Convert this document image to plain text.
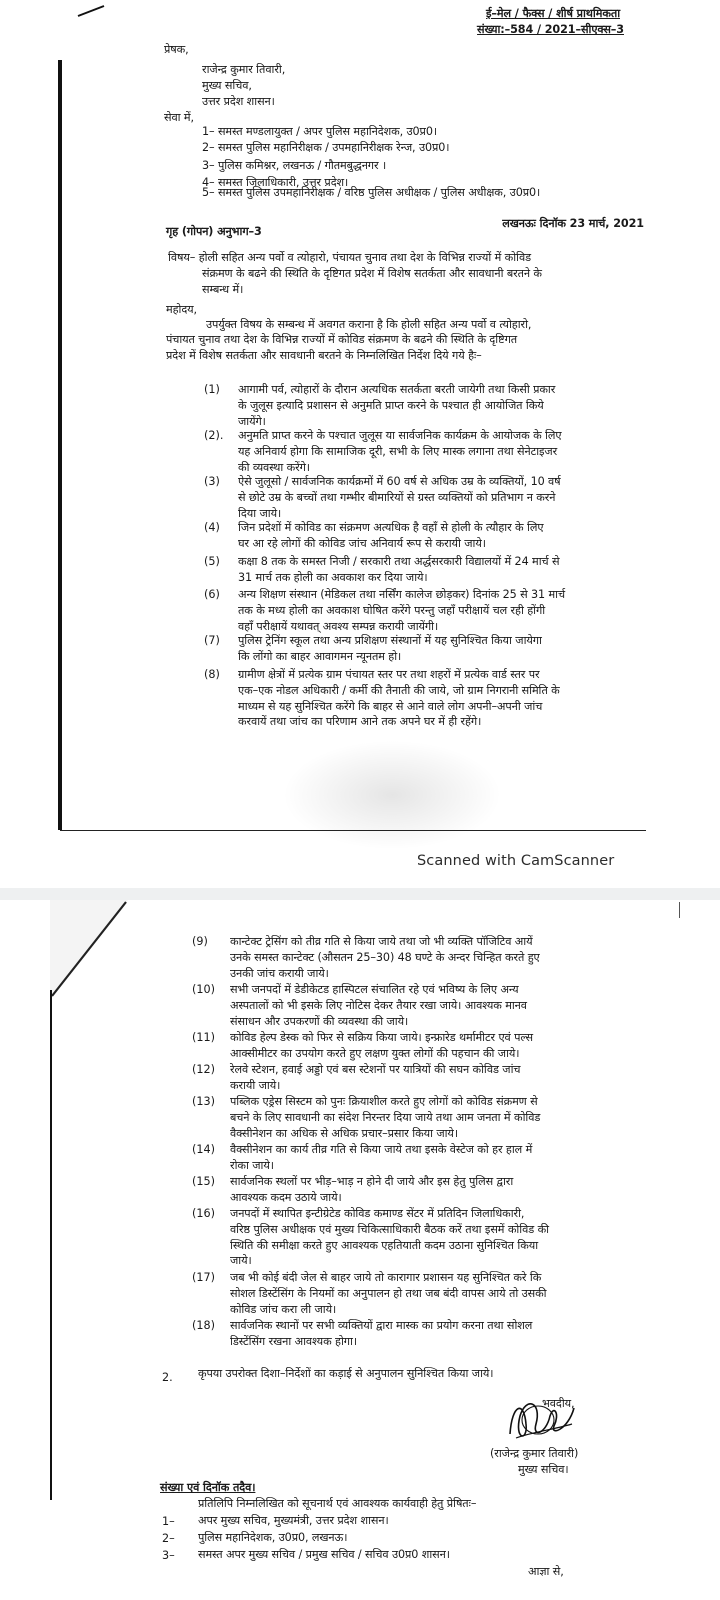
ई–मेल / फैक्स / शीर्ष प्राथमिकता
संख्या:–584 / 2021–सीएक्स–3
प्रेषक,
राजेन्द्र कुमार तिवारी,
मुख्य सचिव,
उत्तर प्रदेश शासन।
सेवा में,
1– समस्त मण्डलायुक्त / अपर पुलिस महानिदेशक, उ0प्र0।
2– समस्त पुलिस महानिरीक्षक / उपमहानिरीक्षक रेन्ज, उ0प्र0।
3– पुलिस कमिश्नर, लखनऊ / गौतमबुद्धनगर ।
4– समस्त जिलाधिकारी, उत्तर प्रदेश।
5– समस्त पुलिस उपमहानिरीक्षक / वरिष्ठ पुलिस अधीक्षक / पुलिस अधीक्षक, उ0प्र0।
गृह (गोपन) अनुभाग–3
लखनऊः दिनॉक 23 मार्च, 2021
विषय– होली सहित अन्य पर्वो व त्योहारो, पंचायत चुनाव तथा देश के विभिन्न राज्यों में कोविड
संक्रमण के बढने की स्थिति के दृष्टिगत प्रदेश में विशेष सतर्कता और सावधानी बरतने के
सम्बन्ध में।
महोदय,
उपर्युक्त विषय के सम्बन्ध में अवगत कराना है कि होली सहित अन्य पर्वो व त्योहारो,
पंचायत चुनाव तथा देश के विभिन्न राज्यों में कोविड संक्रमण के बढने की स्थिति के दृष्टिगत
प्रदेश में विशेष सतर्कता और सावधानी बरतने के निम्नलिखित निर्देश दिये गये हैः–
(1) आगामी पर्व, त्योहारों के दौरान अत्यधिक सतर्कता बरती जायेगी तथा किसी प्रकार
के जुलूस इत्यादि प्रशासन से अनुमति प्राप्त करने के पश्चात ही आयोजित किये
जायेंगे।
(2). अनुमति प्राप्त करने के पश्चात जुलूस या सार्वजनिक कार्यक्रम के आयोजक के लिए
यह अनिवार्य होगा कि सामाजिक दूरी, सभी के लिए मास्क लगाना तथा सेनेटाइजर
की व्यवस्था करेंगे।
(3) ऐसे जुलूसो / सार्वजनिक कार्यक्रमों में 60 वर्ष से अधिक उम्र के व्यक्तियों, 10 वर्ष
से छोटे उम्र के बच्चों तथा गम्भीर बीमारियों से ग्रस्त व्यक्तियों को प्रतिभाग न करने
दिया जाये।
(4) जिन प्रदेशों में कोविड का संक्रमण अत्यधिक है वहाँ से होली के त्यौहार के लिए
घर आ रहे लोगों की कोविड जांच अनिवार्य रूप से करायी जाये।
(5) कक्षा 8 तक के समस्त निजी / सरकारी तथा अर्द्धसरकारी विद्यालयों में 24 मार्च से
31 मार्च तक होली का अवकाश कर दिया जाये।
(6) अन्य शिक्षण संस्थान (मेडिकल तथा नर्सिंग कालेज छोड़कर) दिनांक 25 से 31 मार्च
तक के मध्य होली का अवकाश घोषित करेंगे परन्तु जहाँ परीक्षायें चल रही होंगी
वहाँ परीक्षायें यथावत् अवश्य सम्पन्न करायी जायेंगी।
(7) पुलिस ट्रेनिंग स्कूल तथा अन्य प्रशिक्षण संस्थानों में यह सुनिश्चित किया जायेगा
कि लोंगो का बाहर आवागमन न्यूनतम हो।
(8) ग्रामीण क्षेत्रों में प्रत्येक ग्राम पंचायत स्तर पर तथा शहरों में प्रत्येक वार्ड स्तर पर
एक–एक नोडल अधिकारी / कर्मी की तैनाती की जाये, जो ग्राम निगरानी समिति के
माध्यम से यह सुनिश्चित करेंगे कि बाहर से आने वाले लोग अपनी–अपनी जांच
करवायें तथा जांच का परिणाम आने तक अपने घर में ही रहेंगे।
Scanned with CamScanner
(9) कान्टेक्ट ट्रेसिंग को तीव्र गति से किया जाये तथा जो भी व्यक्ति पॉजिटिव आयें
उनके समस्त कान्टेक्ट (औसतन 25–30) 48 घण्टे के अन्दर चिन्हित करते हुए
उनकी जांच करायी जाये।
(10) सभी जनपदों में डेडीकेटड हास्पिटल संचालित रहे एवं भविष्य के लिए अन्य
अस्पतालों को भी इसके लिए नोटिस देकर तैयार रखा जाये। आवश्यक मानव
संसाधन और उपकरणों की व्यवस्था की जाये।
(11) कोविड हेल्प डेस्क को फिर से सक्रिय किया जाये। इन्फ्रारेड थर्मामीटर एवं पल्स
आक्सीमीटर का उपयोग करते हुए लक्षण युक्त लोगों की पहचान की जाये।
(12) रेलवे स्टेशन, हवाई अड्डो एवं बस स्टेशनों पर यात्रियों की सघन कोविड जांच
करायी जाये।
(13) पब्लिक एड्रेस सिस्टम को पुनः क्रियाशील करते हुए लोगों को कोविड संक्रमण से
बचने के लिए सावधानी का संदेश निरन्तर दिया जाये तथा आम जनता में कोविड
वैक्सीनेशन का अधिक से अधिक प्रचार–प्रसार किया जाये।
(14) वैक्सीनेशन का कार्य तीव्र गति से किया जाये तथा इसके वेस्टेज को हर हाल में
रोका जाये।
(15) सार्वजनिक स्थलों पर भीड़–भाड़ न होने दी जाये और इस हेतु पुलिस द्वारा
आवश्यक कदम उठाये जाये।
(16) जनपदों में स्थापित इन्टीग्रेटेड कोविड कमाण्ड सेंटर में प्रतिदिन जिलाधिकारी,
वरिष्ठ पुलिस अधीक्षक एवं मुख्य चिकित्साधिकारी बैठक करें तथा इसमें कोविड की
स्थिति की समीक्षा करते हुए आवश्यक एहतियाती कदम उठाना सुनिश्चित किया
जाये।
(17) जब भी कोई बंदी जेल से बाहर जाये तो कारागार प्रशासन यह सुनिश्चित करे कि
सोशल डिस्टेंसिंग के नियमों का अनुपालन हो तथा जब बंदी वापस आये तो उसकी
कोविड जांच करा ली जाये।
(18) सार्वजनिक स्थानों पर सभी व्यक्तियों द्वारा मास्क का प्रयोग करना तथा सोशल
डिस्टेंसिंग रखना आवश्यक होगा।
2. कृपया उपरोक्त दिशा–निर्देशों का कड़ाई से अनुपालन सुनिश्चित किया जाये।
भवदीय,
(राजेन्द्र कुमार तिवारी)
मुख्य सचिव।
संख्या एवं दिनॉक तदैव।
प्रतिलिपि निम्नलिखित को सूचनार्थ एवं आवश्यक कार्यवाही हेतु प्रेषितः–
1– अपर मुख्य सचिव, मुख्यमंत्री, उत्तर प्रदेश शासन।
2– पुलिस महानिदेशक, उ0प्र0, लखनऊ।
3– समस्त अपर मुख्य सचिव / प्रमुख सचिव / सचिव उ0प्र0 शासन।
आज्ञा से,
